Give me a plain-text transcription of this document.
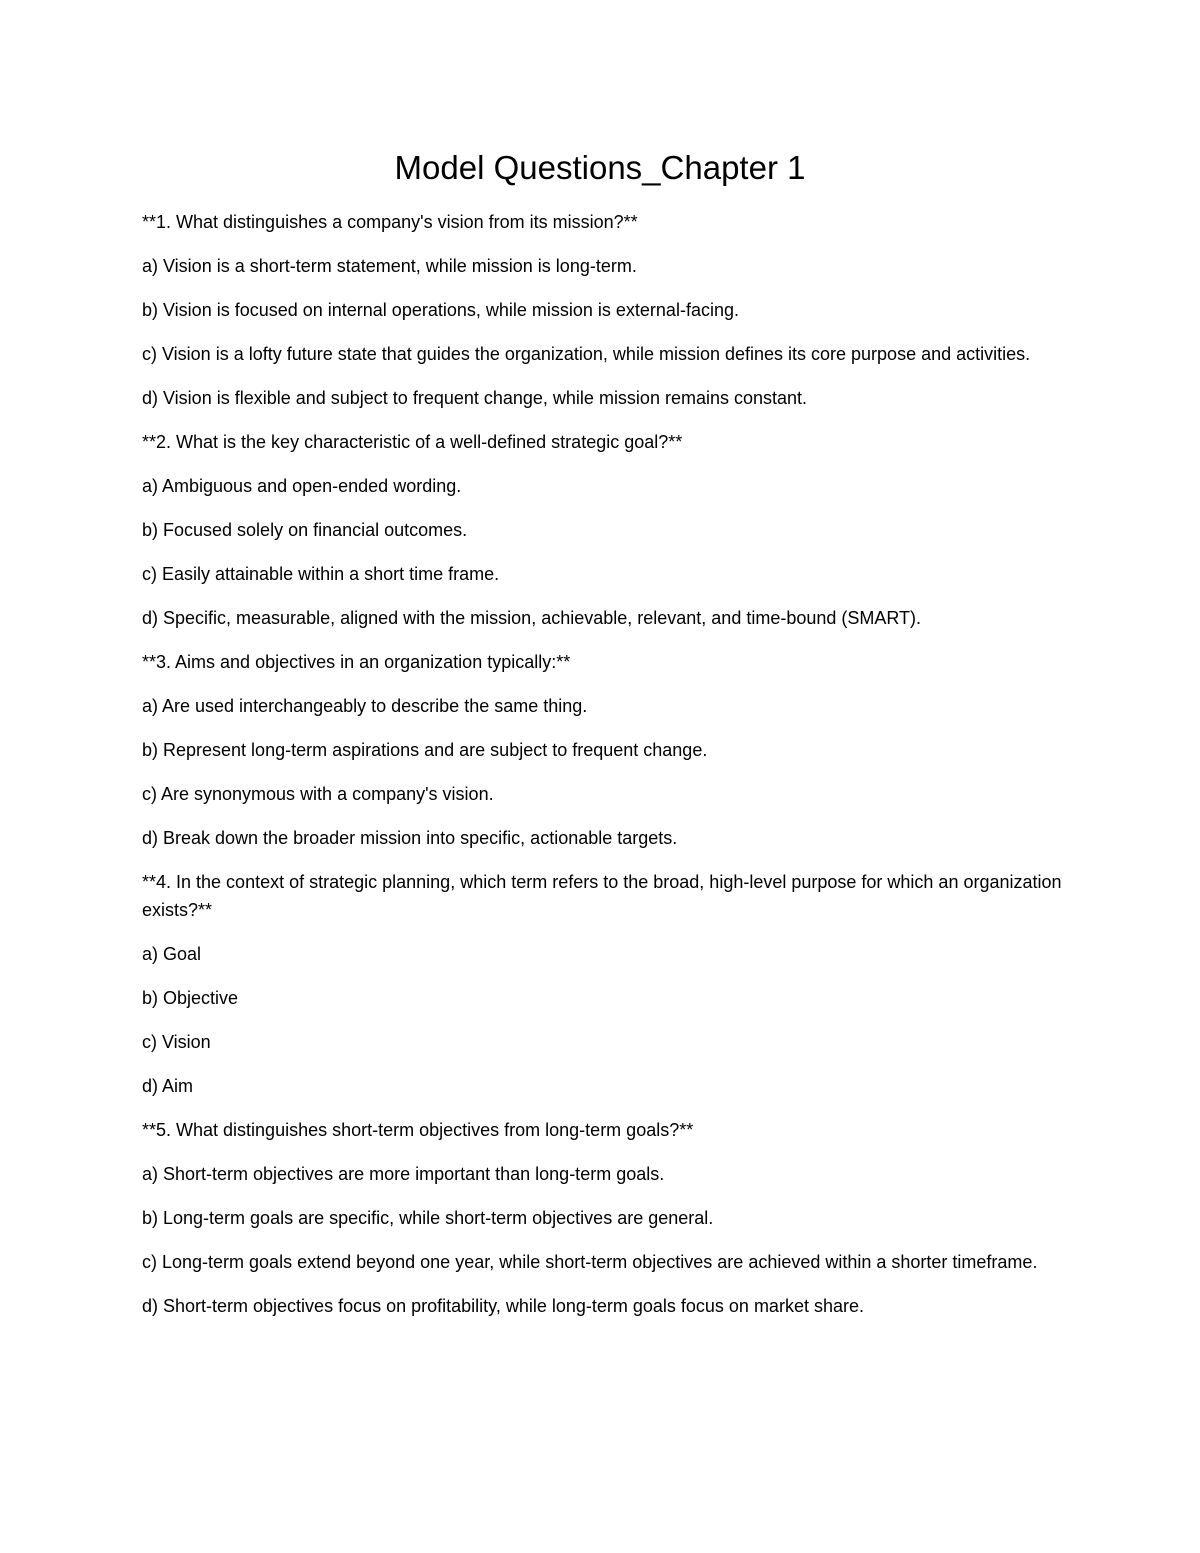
Model Questions_Chapter 1

**1. What distinguishes a company's vision from its mission?**

a) Vision is a short-term statement, while mission is long-term.

b) Vision is focused on internal operations, while mission is external-facing.

c) Vision is a lofty future state that guides the organization, while mission defines its core purpose and activities.

d) Vision is flexible and subject to frequent change, while mission remains constant.

**2. What is the key characteristic of a well-defined strategic goal?**

a) Ambiguous and open-ended wording.

b) Focused solely on financial outcomes.

c) Easily attainable within a short time frame.

d) Specific, measurable, aligned with the mission, achievable, relevant, and time-bound (SMART).

**3. Aims and objectives in an organization typically:**

a) Are used interchangeably to describe the same thing.

b) Represent long-term aspirations and are subject to frequent change.

c) Are synonymous with a company's vision.

d) Break down the broader mission into specific, actionable targets.

**4. In the context of strategic planning, which term refers to the broad, high-level purpose for which an organization exists?**

a) Goal

b) Objective

c) Vision

d) Aim

**5. What distinguishes short-term objectives from long-term goals?**

a) Short-term objectives are more important than long-term goals.

b) Long-term goals are specific, while short-term objectives are general.

c) Long-term goals extend beyond one year, while short-term objectives are achieved within a shorter timeframe.

d) Short-term objectives focus on profitability, while long-term goals focus on market share.
